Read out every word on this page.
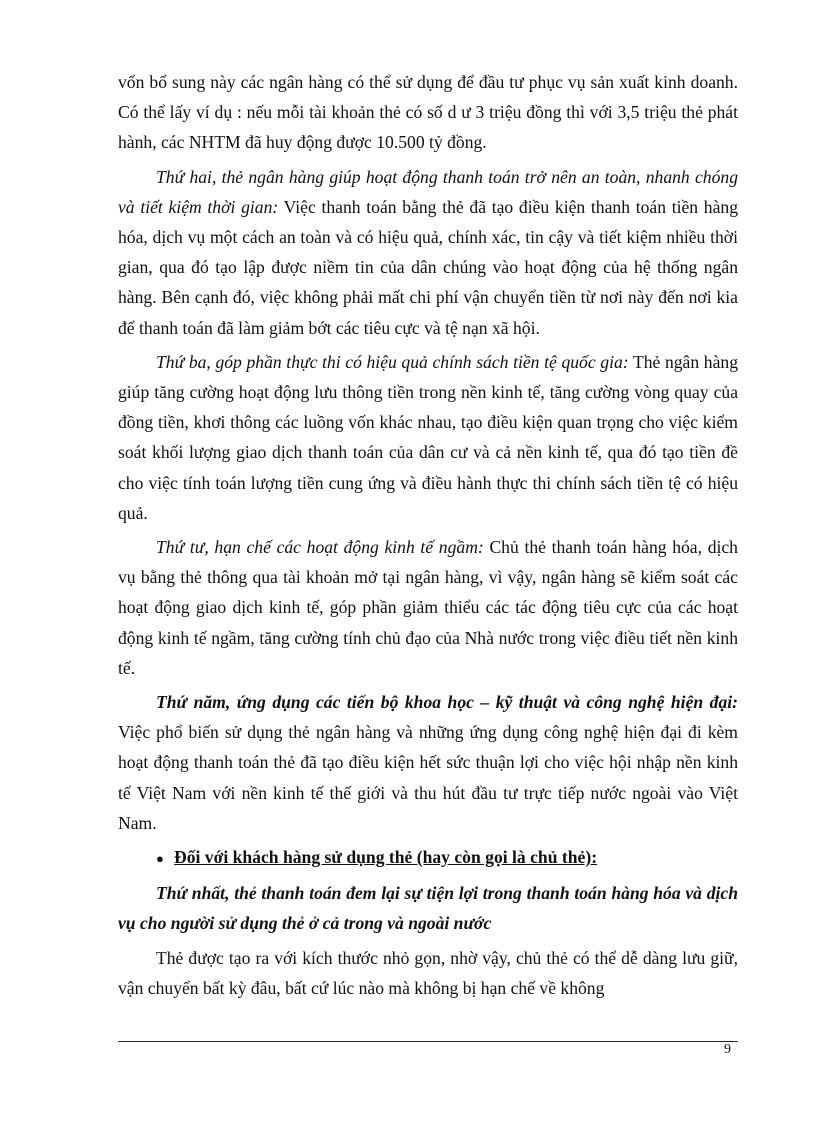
vốn bổ sung này các ngân hàng có thể sử dụng để đầu tư phục vụ sản xuất kinh doanh. Có thể lấy ví dụ : nếu mỗi tài khoản thẻ có số d ư 3 triệu đồng thì với 3,5 triệu thẻ phát hành, các NHTM đã huy động được 10.500 tỷ đồng.

Thứ hai, thẻ ngân hàng giúp hoạt động thanh toán trở nên an toàn, nhanh chóng và tiết kiệm thời gian: Việc thanh toán bằng thẻ đã tạo điều kiện thanh toán tiền hàng hóa, dịch vụ một cách an toàn và có hiệu quả, chính xác, tin cậy và tiết kiệm nhiều thời gian, qua đó tạo lập được niềm tin của dân chúng vào hoạt động của hệ thống ngân hàng. Bên cạnh đó, việc không phải mất chi phí vận chuyển tiền từ nơi này đến nơi kia để thanh toán đã làm giảm bớt các tiêu cực và tệ nạn xã hội.

Thứ ba, góp phần thực thi có hiệu quả chính sách tiền tệ quốc gia: Thẻ ngân hàng giúp tăng cường hoạt động lưu thông tiền trong nền kinh tế, tăng cường vòng quay của đồng tiền, khơi thông các luồng vốn khác nhau, tạo điều kiện quan trọng cho việc kiểm soát khối lượng giao dịch thanh toán của dân cư và cả nền kinh tế, qua đó tạo tiền đề cho việc tính toán lượng tiền cung ứng và điều hành thực thi chính sách tiền tệ có hiệu quả.

Thứ tư, hạn chế các hoạt động kinh tế ngầm: Chủ thẻ thanh toán hàng hóa, dịch vụ bằng thẻ thông qua tài khoản mở tại ngân hàng, vì vậy, ngân hàng sẽ kiểm soát các hoạt động giao dịch kinh tế, góp phần giảm thiểu các tác động tiêu cực của các hoạt động kinh tế ngầm, tăng cường tính chủ đạo của Nhà nước trong việc điều tiết nền kinh tế.

Thứ năm, ứng dụng các tiến bộ khoa học – kỹ thuật và công nghệ hiện đại: Việc phổ biến sử dụng thẻ ngân hàng và những ứng dụng công nghệ hiện đại đi kèm hoạt động thanh toán thẻ đã tạo điều kiện hết sức thuận lợi cho việc hội nhập nền kinh tế Việt Nam với nền kinh tế thế giới và thu hút đầu tư trực tiếp nước ngoài vào Việt Nam.

● Đối với khách hàng sử dụng thẻ (hay còn gọi là chủ thẻ):

Thứ nhất, thẻ thanh toán đem lại sự tiện lợi trong thanh toán hàng hóa và dịch vụ cho người sử dụng thẻ ở cả trong và ngoài nước

Thẻ được tạo ra với kích thước nhỏ gọn, nhờ vậy, chủ thẻ có thể dễ dàng lưu giữ, vận chuyển bất kỳ đâu, bất cứ lúc nào mà không bị hạn chế về không

9
